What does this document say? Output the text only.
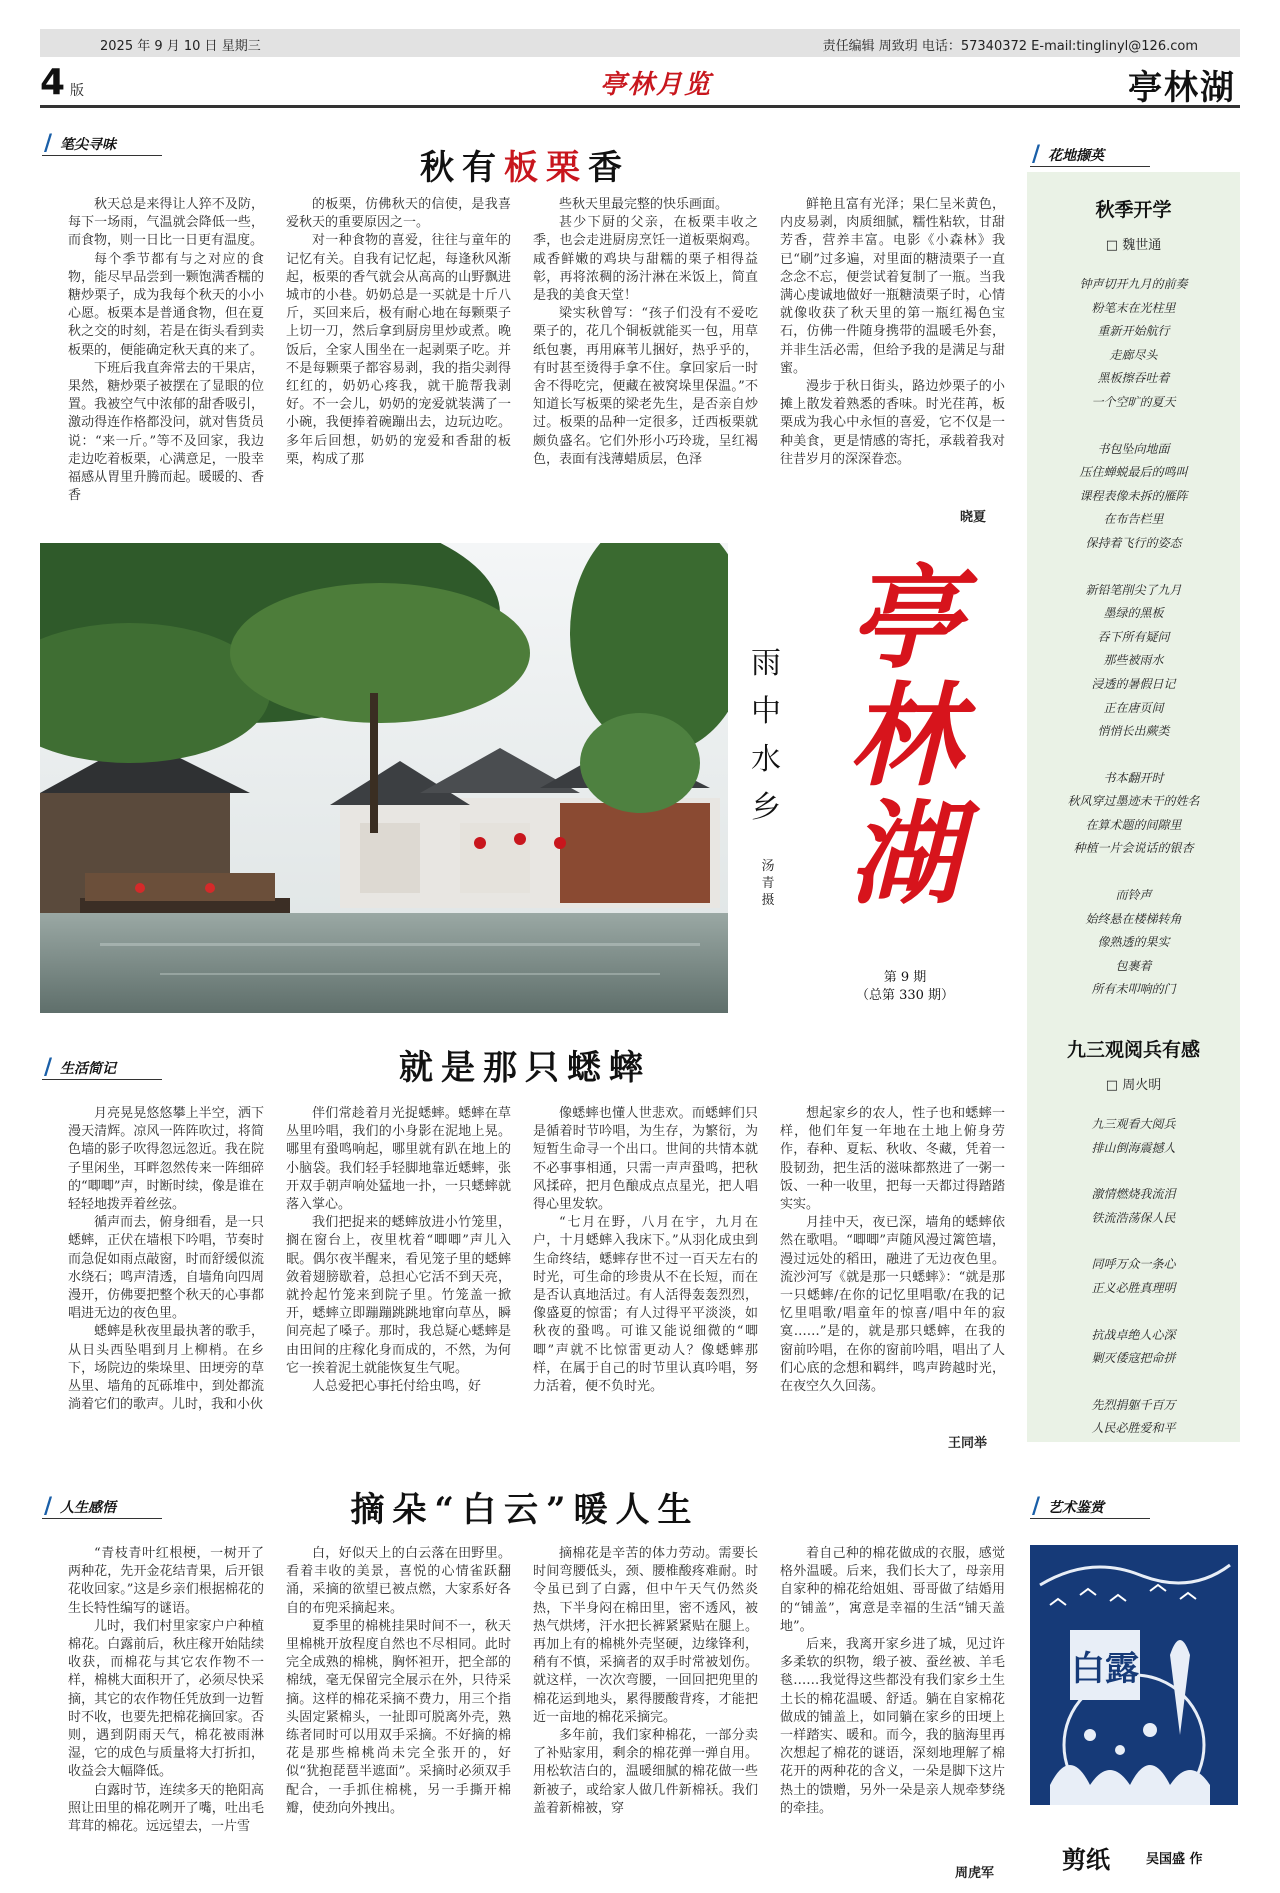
2025 年 9 月 10 日 星期三	责任编辑 周致玥 电话：57340372 E-mail:tinglinyl@126.com
4 版	亭林月览	亭林湖
/ 笔尖寻味
秋有板栗香

秋天总是来得让人猝不及防，每下一场雨，气温就会降低一些，而食物，则一日比一日更有温度。

每个季节都有与之对应的食物，能尽早品尝到一颗饱满香糯的糖炒栗子，成为我每个秋天的小小心愿。板栗本是普通食物，但在夏秋之交的时刻，若是在街头看到卖板栗的，便能确定秋天真的来了。

下班后我直奔常去的干果店，果然，糖炒栗子被摆在了显眼的位置。我被空气中浓郁的甜香吸引，激动得连作格都没问，就对售货员说：“来一斤。”等不及回家，我边走边吃着板栗，心满意足，一股幸福感从胃里升腾而起。暖暖的、香香

的板栗，仿佛秋天的信使，是我喜爱秋天的重要原因之一。

对一种食物的喜爱，往往与童年的记忆有关。自我有记忆起，每逢秋风渐起，板栗的香气就会从高高的山野飘进城市的小巷。奶奶总是一买就是十斤八斤，买回来后，极有耐心地在每颗栗子上切一刀，然后拿到厨房里炒或煮。晚饭后，全家人围坐在一起剥栗子吃。并不是每颗栗子都容易剥，我的指尖剥得红红的，奶奶心疼我，就干脆帮我剥好。不一会儿，奶奶的宠爱就装满了一小碗，我便捧着碗蹦出去，边玩边吃。多年后回想，奶奶的宠爱和香甜的板栗，构成了那

些秋天里最完整的快乐画面。

甚少下厨的父亲，在板栗丰收之季，也会走进厨房烹饪一道板栗焖鸡。咸香鲜嫩的鸡块与甜糯的栗子相得益彰，再将浓稠的汤汁淋在米饭上，简直是我的美食天堂！

梁实秋曾写：“孩子们没有不爱吃栗子的，花几个铜板就能买一包，用草纸包裹，再用麻苇儿捆好，热乎乎的，有时甚至烫得手拿不住。拿回家后一时舍不得吃完，便藏在被窝垛里保温。”不知道长写板栗的梁老先生，是否亲自炒过。板栗的品种一定很多，迁西板栗就颇负盛名。它们外形小巧玲珑，呈红褐色，表面有浅薄蜡质层，色泽

鲜艳且富有光泽；果仁呈米黄色，内皮易剥，肉质细腻，糯性粘软，甘甜芳香，营养丰富。电影《小森林》我已“刷”过多遍，对里面的糖渍栗子一直念念不忘，便尝试着复制了一瓶。当我满心虔诚地做好一瓶糖渍栗子时，心情就像收获了秋天里的第一瓶红褐色宝石，仿佛一件随身携带的温暖毛外套，并非生活必需，但给予我的是满足与甜蜜。

漫步于秋日街头，路边炒栗子的小摊上散发着熟悉的香味。时光荏苒，板栗成为我心中永恒的喜爱，它不仅是一种美食，更是情感的寄托，承载着我对往昔岁月的深深眷恋。

晓夏
雨
中
水
乡
汤
青
摄
亭
林
湖
第 9 期
（总第 330 期）
/ 花地撷英
秋季开学
□ 魏世通
钟声切开九月的前奏
粉笔末在光柱里
重新开始航行
走廊尽头
黑板擦吞吐着
一个空旷的夏天
书包坠向地面
压住蝉蜕最后的鸣叫
课程表像未拆的雁阵
在布告栏里
保持着飞行的姿态
新铅笔削尖了九月
墨绿的黑板
吞下所有疑问
那些被雨水
浸透的暑假日记
正在唐页间
悄悄长出蕨类
书本翻开时
秋风穿过墨迹未干的姓名
在算术题的间隙里
种植一片会说话的银杏
而铃声
始终悬在楼梯转角
像熟透的果实
包裹着
所有未叩响的门
九三观阅兵有感
□ 周火明
九三观看大阅兵
排山倒海震撼人
激情燃烧我流泪
铁流浩荡保人民
同呼万众一条心
正义必胜真理明
抗战卓绝人心深
剿灭倭寇把命拼
先烈捐躯千百万
人民必胜爱和平
/ 生活简记	就是那只蟋蟀

月亮晃晃悠悠攀上半空，洒下漫天清辉。凉风一阵阵吹过，将简色墙的影子吹得忽远忽近。我在院子里闲坐，耳畔忽然传来一阵细碎的“唧唧”声，时断时续，像是谁在轻轻地拨弄着丝弦。

循声而去，俯身细看，是一只蟋蟀，正伏在墙根下吟唱，节奏时而急促如雨点敲窗，时而舒缓似流水绕石；鸣声清透，自墙角向四周漫开，仿佛要把整个秋天的心事都唱进无边的夜色里。

蟋蟀是秋夜里最执著的歌手，从日头西坠唱到月上柳梢。在乡下，场院边的柴垛里、田埂旁的草丛里、墙角的瓦砾堆中，到处都流淌着它们的歌声。儿时，我和小伙

伴们常趁着月光捉蟋蟀。蟋蟀在草丛里吟唱，我们的小身影在泥地上晃。哪里有蛩鸣响起，哪里就有趴在地上的小脑袋。我们轻手轻脚地靠近蟋蟀，张开双手朝声响处猛地一扑，一只蟋蟀就落入掌心。

我们把捉来的蟋蟀放进小竹笼里，搁在窗台上，夜里枕着“唧唧”声儿入眠。偶尔夜半醒来，看见笼子里的蟋蟀敛着翅膀歇着，总担心它活不到天亮，就拎起竹笼来到院子里。竹笼盖一掀开，蟋蟀立即蹦蹦跳跳地窜向草丛，瞬间亮起了嗓子。那时，我总疑心蟋蟀是由田间的庄稼化身而成的，不然，为何它一挨着泥土就能恢复生气呢。

人总爱把心事托付给虫鸣，好

像蟋蟀也懂人世悲欢。而蟋蟀们只是循着时节吟唱，为生存，为繁衍，为短暂生命寻一个出口。世间的共情本就不必事事相通，只需一声声蛩鸣，把秋风揉碎，把月色酿成点点星光，把人唱得心里发软。

“七月在野，八月在宇，九月在户，十月蟋蟀入我床下。”从羽化成虫到生命终结，蟋蟀存世不过一百天左右的时光，可生命的珍贵从不在长短，而在是否认真地活过。有人活得轰轰烈烈，像盛夏的惊雷；有人过得平平淡淡，如秋夜的蛩鸣。可谁又能说细微的“唧唧”声就不比惊雷更动人？像蟋蟀那样，在属于自己的时节里认真吟唱，努力活着，便不负时光。

想起家乡的农人，性子也和蟋蟀一样，他们年复一年地在土地上俯身劳作，春种、夏耘、秋收、冬藏，凭着一股韧劲，把生活的滋味都熬进了一粥一饭、一种一收里，把每一天都过得踏踏实实。

月挂中天，夜已深，墙角的蟋蟀依然在歌唱。“唧唧”声随风漫过篱笆墙，漫过远处的稻田，融进了无边夜色里。流沙河写《就是那一只蟋蟀》：“就是那一只蟋蟀/在你的记忆里唱歌/在我的记忆里唱歌/唱童年的惊喜/唱中年的寂寞……”是的，就是那只蟋蟀，在我的窗前吟唱，在你的窗前吟唱，唱出了人们心底的念想和羁绊，鸣声跨越时光，在夜空久久回荡。

王同举
/ 人生感悟	摘朵“白云”暖人生

“青枝青叶红根梗，一树开了两种花，先开金花结青果，后开银花收回家。”这是乡亲们根据棉花的生长特性编写的谜语。

儿时，我们村里家家户户种植棉花。白露前后，秋庄稼开始陆续收获，而棉花与其它农作物不一样，棉桃大面积开了，必须尽快采摘，其它的农作物任凭放到一边暂时不收，也要先把棉花摘回家。否则，遇到阴雨天气，棉花被雨淋湿，它的成色与质量将大打折扣，收益会大幅降低。

白露时节，连续多天的艳阳高照让田里的棉花咧开了嘴，吐出毛茸茸的棉花。远远望去，一片雪

白，好似天上的白云落在田野里。看着丰收的美景，喜悦的心情雀跃翻涌，采摘的欲望已被点燃，大家系好各自的布兜采摘起来。

夏季里的棉桃挂果时间不一，秋天里棉桃开放程度自然也不尽相同。此时完全成熟的棉桃，胸怀袒开，把全部的棉绒，毫无保留完全展示在外，只待采摘。这样的棉花采摘不费力，用三个指头固定紧棉头，一扯即可脱离外壳，熟练者同时可以用双手采摘。不好摘的棉花是那些棉桃尚未完全张开的，好似“犹抱琵琶半遮面”。采摘时必须双手配合，一手抓住棉桃，另一手撕开棉瓣，使劲向外拽出。

摘棉花是辛苦的体力劳动。需要长时间弯腰低头，颈、腰椎酸疼难耐。时令虽已到了白露，但中午天气仍然炎热，下半身闷在棉田里，密不透风，被热气烘烤，汗水把长裤紧紧贴在腿上。再加上有的棉桃外壳坚硬，边缘锋利，稍有不慎，采摘者的双手时常被划伤。就这样，一次次弯腰，一回回把兜里的棉花运到地头，累得腰酸背疼，才能把近一亩地的棉花采摘完。

多年前，我们家种棉花，一部分卖了补贴家用，剩余的棉花弹一弹自用。用松软洁白的，温暖细腻的棉花做一些新被子，或给家人做几件新棉袄。我们盖着新棉被，穿

着自己种的棉花做成的衣服，感觉格外温暖。后来，我们长大了，母亲用自家种的棉花给姐姐、哥哥做了结婚用的“铺盖”，寓意是幸福的生活“铺天盖地”。

后来，我离开家乡进了城，见过许多柔软的织物，缎子被、蚕丝被、羊毛毯……我觉得这些都没有我们家乡土生土长的棉花温暖、舒适。躺在自家棉花做成的铺盖上，如同躺在家乡的田埂上一样踏实、暖和。而今，我的脑海里再次想起了棉花的谜语，深刻地理解了棉花开的两种花的含义，一朵是脚下这片热土的馈赠，另外一朵是亲人规牵梦绕的牵挂。

周虎军
/ 艺术鉴赏
白露
剪纸	吴国盛 作
